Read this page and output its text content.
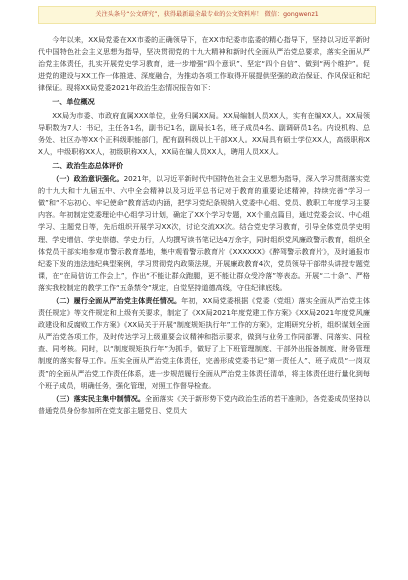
关注头条号“公文研究”，获得最新最全最专业的公文资料库！ 微信：gongwenz1

今年以来，XX局党委在XX市委的正确领导下，在XX市纪委市监委的精心指导下，坚持以习近平新时代中国特色社会主义思想为指导，坚决贯彻党的十九大精神和新时代全面从严治党总要求，落实全面从严治党主体责任，扎实开展党史学习教育，进一步增强“四个意识”、坚定“四个自信”、做到“两个维护”。促进党的建设与XX工作一体推进、深度融合，为推动各项工作取得开展提供坚强的政治保证、作风保证和纪律保证。现将XX局党委2021年政治生态情况报告如下：

一、单位概况

XX局为市委、市政府直属XXX单位，业务归属XX局。XX局编制人员XX人，实有在编XX人。XX局领导职数为7人：书记，主任各1名，副书记1名，副局长1名，班子成员4名、副调研员1名。内设机构、总务处、社区办等XX个正科级职能部门，配有副科级以上干部XX人。XX局具有硕士学位XX人，高级职称XX人，中级职称XX人，初级职称XX人，XX局在编人员XX人，聘用人员XX人。

二、政治生态总体评价

（一）政治意识强化。2021年，以习近平新时代中国特色社会主义思想为指导，深入学习贯彻落实党的十九大和十九届五中、六中全会精神以及习近平总书记对于教育的重要论述精神，持续完善“学习一做”和“不忘初心、牢记使命”教育活动内涵，把学习党纪条规纳入党委中心组、党员、教职工年度学习主要内容。年初制定党委理论中心组学习计划，确定了XX个学习专题，XX个重点篇目，通过党委会议、中心组学习、主题党日等，先后组织开展学习XX次，讨论交流XX次。结合党史学习教育，引导全体党员学史明理、学史增信、学史崇德、学史力行，人均撰写读书笔记达4万余字，同时组织党风廉政警示教育，组织全体党员干部实地参观市警示教育基地，集中观看警示教育片《XXXXXX》《醉驾警示教育片》，及时通报市纪委下发的违法违纪典型案例，学习贯彻党内政策法规，开展廉政教育4次，党员领导干部带头讲授专题党课，在“在局信访工作会上”，作出“不能让群众跑腿，更不能让群众受冷落”等表态。开展“二十条”、严格落实我校制定的教学工作“五条禁令”规定，自觉坚持道德高线，守住纪律底线。

（二）履行全面从严治党主体责任情况。年初，XX局党委根据《党委（党组）落实全面从严治党主体责任规定》等文件规定和上级有关要求，制定了《XX局2021年度党建工作方案》《XX局2021年度党风廉政建设和反腐败工作方案》《XX局关于开展“制度规矩执行年”工作的方案》，定期研究分析，组织谋划全面从严治党各项工作，及时传达学习上级重要会议精神和指示要求，做到与业务工作同部署、同落实、同检查、同考核。同时，以“制度规矩执行年”为抓手，做好了上下班管理制度、干部外出报备制度、财务管理制度的落实督导工作。压实全面从严治党主体责任，完善形成党委书记“第一责任人”、班子成员“一岗双责”的全面从严治党工作责任体系，进一步规范履行全面从严治党主体责任清单，将主体责任进行量化到每个班子成员，明确任务，强化管理，对照工作督导检查。

（三）落实民主集中制情况。全面落实《关于新形势下党内政治生活的若干准则》，各党委成员坚持以普通党员身份参加所在党支部主题党日、党员大
